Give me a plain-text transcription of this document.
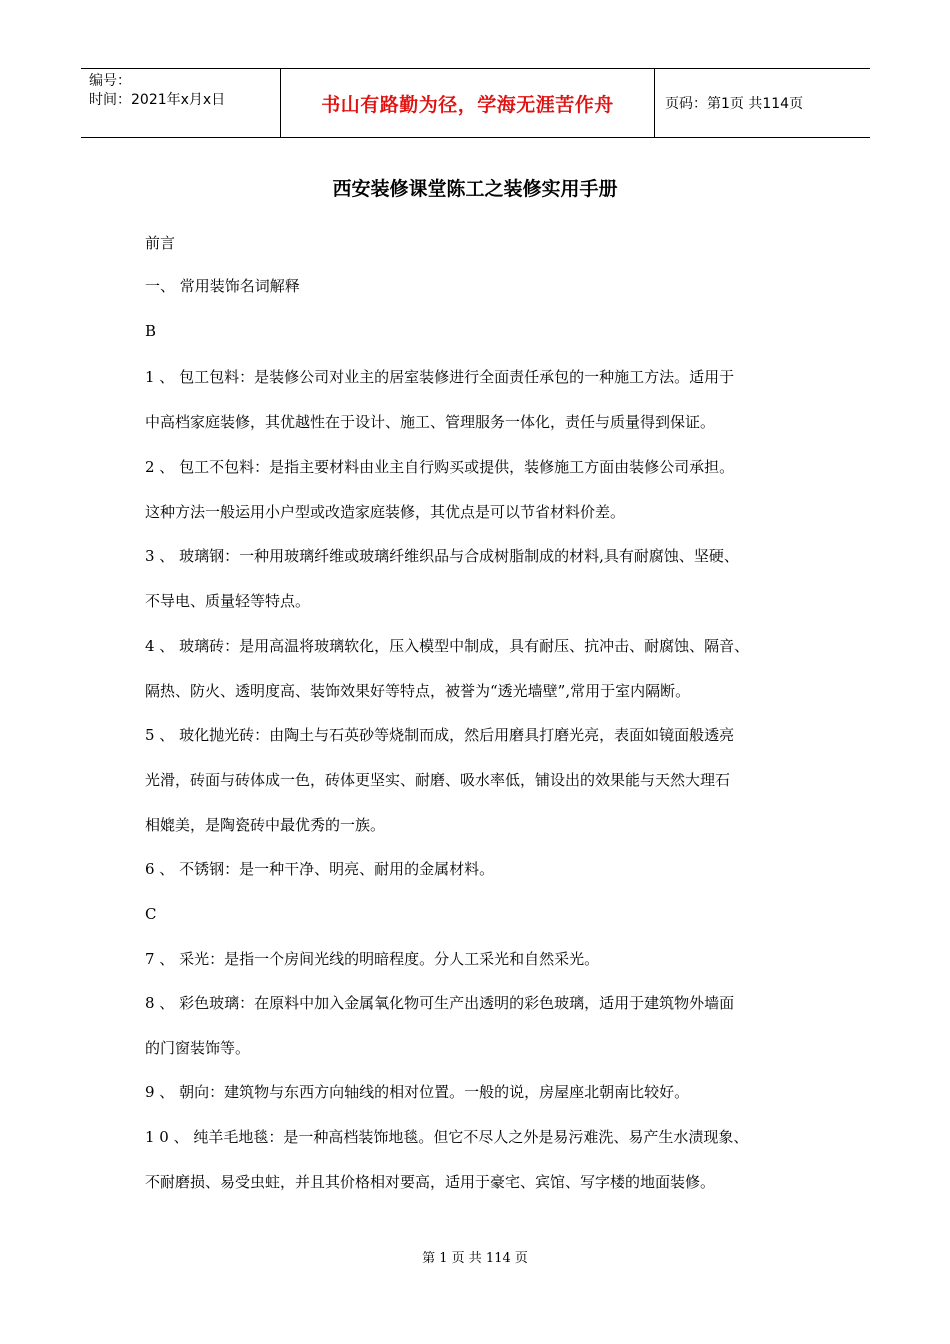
编号：
时间：2021年x月x日	书山有路勤为径，学海无涯苦作舟	页码：第1页 共114页
西安装修课堂陈工之装修实用手册
前言
一、 常用装饰名词解释
B
1 、 包工包料：是装修公司对业主的居室装修进行全面责任承包的一种施工方法。适用于
中高档家庭装修，其优越性在于设计、施工、管理服务一体化，责任与质量得到保证。
2 、 包工不包料：是指主要材料由业主自行购买或提供，装修施工方面由装修公司承担。
这种方法一般运用小户型或改造家庭装修，其优点是可以节省材料价差。
3 、 玻璃钢：一种用玻璃纤维或玻璃纤维织品与合成树脂制成的材料,具有耐腐蚀、坚硬、
不导电、质量轻等特点。
4 、 玻璃砖：是用高温将玻璃软化，压入模型中制成，具有耐压、抗冲击、耐腐蚀、隔音、
隔热、防火、透明度高、装饰效果好等特点，被誉为“透光墙壁”,常用于室内隔断。
5 、 玻化抛光砖：由陶土与石英砂等烧制而成，然后用磨具打磨光亮，表面如镜面般透亮
光滑，砖面与砖体成一色，砖体更坚实、耐磨、吸水率低，铺设出的效果能与天然大理石
相媲美，是陶瓷砖中最优秀的一族。
6 、 不锈钢：是一种干净、明亮、耐用的金属材料。
C
7 、 采光：是指一个房间光线的明暗程度。分人工采光和自然采光。
8 、 彩色玻璃：在原料中加入金属氧化物可生产出透明的彩色玻璃，适用于建筑物外墙面
的门窗装饰等。
9 、 朝向：建筑物与东西方向轴线的相对位置。一般的说，房屋座北朝南比较好。
1 0 、 纯羊毛地毯：是一种高档装饰地毯。但它不尽人之外是易污难洗、易产生水渍现象、
不耐磨损、易受虫蛀，并且其价格相对要高，适用于豪宅、宾馆、写字楼的地面装修。
第 1 页 共 114 页
